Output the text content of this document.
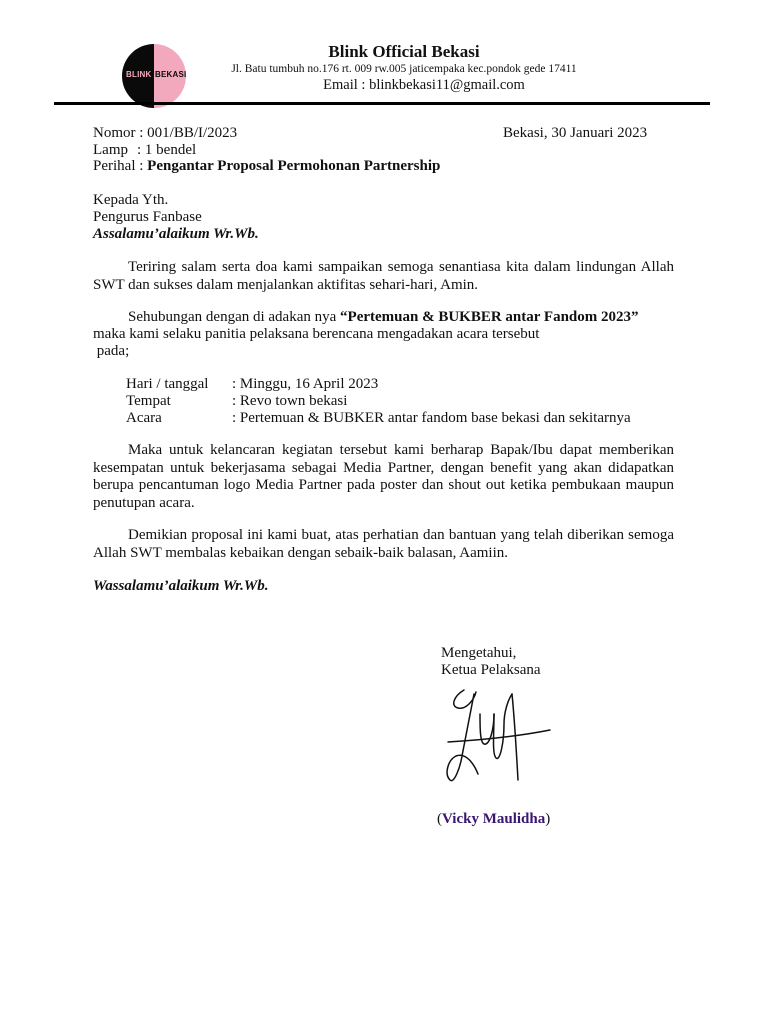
BLINK BEKASI
Blink Official Bekasi
Jl. Batu tumbuh no.176 rt. 009 rw.005 jaticempaka kec.pondok gede 17411
Email : blinkbekasi11@gmail.com
Nomor : 001/BB/I/2023	Bekasi, 30 Januari 2023
Lamp : 1 bendel
Perihal : Pengantar Proposal Permohonan Partnership
Kepada Yth.
Pengurus Fanbase
Assalamu’alaikum Wr.Wb.
Teriring salam serta doa kami sampaikan semoga senantiasa kita dalam lindungan Allah SWT dan sukses dalam menjalankan aktifitas sehari-hari, Amin.
Sehubungan dengan di adakan nya “Pertemuan & BUKBER antar Fandom 2023”
maka kami selaku panitia pelaksana berencana mengadakan acara tersebut
pada;
Hari / tanggal : Minggu, 16 April 2023
Tempat	: Revo town bekasi
Acara	: Pertemuan & BUBKER antar fandom base bekasi dan sekitarnya
Maka untuk kelancaran kegiatan tersebut kami berharap Bapak/Ibu dapat memberikan kesempatan untuk bekerjasama sebagai Media Partner, dengan benefit yang akan didapatkan berupa pencantuman logo Media Partner pada poster dan shout out ketika pembukaan maupun penutupan acara.
Demikian proposal ini kami buat, atas perhatian dan bantuan yang telah diberikan semoga Allah SWT membalas kebaikan dengan sebaik-baik balasan, Aamiin.
Wassalamu’alaikum Wr.Wb.
Mengetahui,
Ketua Pelaksana
(Vicky Maulidha)
